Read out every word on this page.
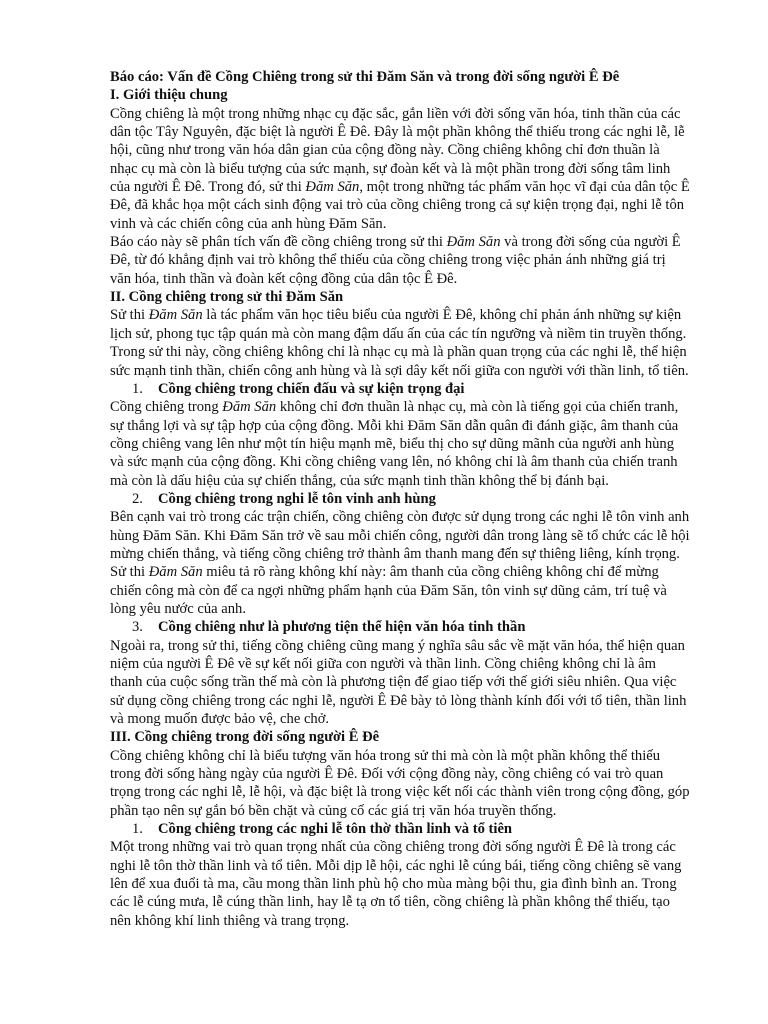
Báo cáo: Vấn đề Cồng Chiêng trong sử thi Đăm Săn và trong đời sống người Ê Đê

I. Giới thiệu chung

Cồng chiêng là một trong những nhạc cụ đặc sắc, gắn liền với đời sống văn hóa, tinh thần của các dân tộc Tây Nguyên, đặc biệt là người Ê Đê. Đây là một phần không thể thiếu trong các nghi lễ, lễ hội, cũng như trong văn hóa dân gian của cộng đồng này. Cồng chiêng không chỉ đơn thuần là nhạc cụ mà còn là biểu tượng của sức mạnh, sự đoàn kết và là một phần trong đời sống tâm linh của người Ê Đê. Trong đó, sử thi Đăm Săn, một trong những tác phẩm văn học vĩ đại của dân tộc Ê Đê, đã khắc họa một cách sinh động vai trò của cồng chiêng trong cả sự kiện trọng đại, nghi lễ tôn vinh và các chiến công của anh hùng Đăm Săn.

Báo cáo này sẽ phân tích vấn đề cồng chiêng trong sử thi Đăm Săn và trong đời sống của người Ê Đê, từ đó khẳng định vai trò không thể thiếu của cồng chiêng trong việc phản ánh những giá trị văn hóa, tinh thần và đoàn kết cộng đồng của dân tộc Ê Đê.

II. Cồng chiêng trong sử thi Đăm Săn

Sử thi Đăm Săn là tác phẩm văn học tiêu biểu của người Ê Đê, không chỉ phản ánh những sự kiện lịch sử, phong tục tập quán mà còn mang đậm dấu ấn của các tín ngưỡng và niềm tin truyền thống. Trong sử thi này, cồng chiêng không chỉ là nhạc cụ mà là phần quan trọng của các nghi lễ, thể hiện sức mạnh tinh thần, chiến công anh hùng và là sợi dây kết nối giữa con người với thần linh, tổ tiên.

1. Cồng chiêng trong chiến đấu và sự kiện trọng đại

Cồng chiêng trong Đăm Săn không chỉ đơn thuần là nhạc cụ, mà còn là tiếng gọi của chiến tranh, sự thắng lợi và sự tập hợp của cộng đồng. Mỗi khi Đăm Săn dẫn quân đi đánh giặc, âm thanh của cồng chiêng vang lên như một tín hiệu mạnh mẽ, biểu thị cho sự dũng mãnh của người anh hùng và sức mạnh của cộng đồng. Khi cồng chiêng vang lên, nó không chỉ là âm thanh của chiến tranh mà còn là dấu hiệu của sự chiến thắng, của sức mạnh tinh thần không thể bị đánh bại.

2. Cồng chiêng trong nghi lễ tôn vinh anh hùng

Bên cạnh vai trò trong các trận chiến, cồng chiêng còn được sử dụng trong các nghi lễ tôn vinh anh hùng Đăm Săn. Khi Đăm Săn trở về sau mỗi chiến công, người dân trong làng sẽ tổ chức các lễ hội mừng chiến thắng, và tiếng cồng chiêng trở thành âm thanh mang đến sự thiêng liêng, kính trọng. Sử thi Đăm Săn miêu tả rõ ràng không khí này: âm thanh của cồng chiêng không chỉ để mừng chiến công mà còn để ca ngợi những phẩm hạnh của Đăm Săn, tôn vinh sự dũng cảm, trí tuệ và lòng yêu nước của anh.

3. Cồng chiêng như là phương tiện thể hiện văn hóa tinh thần

Ngoài ra, trong sử thi, tiếng cồng chiêng cũng mang ý nghĩa sâu sắc về mặt văn hóa, thể hiện quan niệm của người Ê Đê về sự kết nối giữa con người và thần linh. Cồng chiêng không chỉ là âm thanh của cuộc sống trần thế mà còn là phương tiện để giao tiếp với thế giới siêu nhiên. Qua việc sử dụng cồng chiêng trong các nghi lễ, người Ê Đê bày tỏ lòng thành kính đối với tổ tiên, thần linh và mong muốn được bảo vệ, che chở.

III. Cồng chiêng trong đời sống người Ê Đê

Cồng chiêng không chỉ là biểu tượng văn hóa trong sử thi mà còn là một phần không thể thiếu trong đời sống hàng ngày của người Ê Đê. Đối với cộng đồng này, cồng chiêng có vai trò quan trọng trong các nghi lễ, lễ hội, và đặc biệt là trong việc kết nối các thành viên trong cộng đồng, góp phần tạo nên sự gắn bó bền chặt và củng cố các giá trị văn hóa truyền thống.

1. Cồng chiêng trong các nghi lễ tôn thờ thần linh và tổ tiên

Một trong những vai trò quan trọng nhất của cồng chiêng trong đời sống người Ê Đê là trong các nghi lễ tôn thờ thần linh và tổ tiên. Mỗi dịp lễ hội, các nghi lễ cúng bái, tiếng cồng chiêng sẽ vang lên để xua đuổi tà ma, cầu mong thần linh phù hộ cho mùa màng bội thu, gia đình bình an. Trong các lễ cúng mưa, lễ cúng thần linh, hay lễ tạ ơn tổ tiên, cồng chiêng là phần không thể thiếu, tạo nên không khí linh thiêng và trang trọng.
